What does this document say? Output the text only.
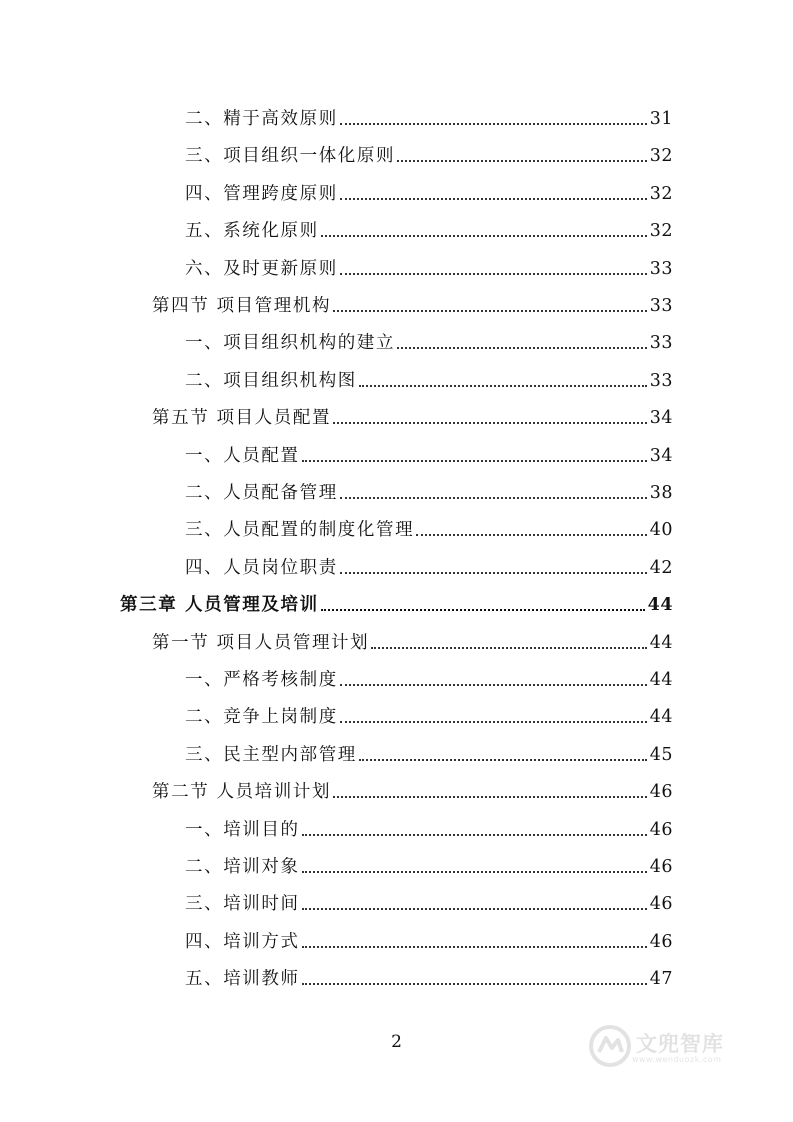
二、精于高效原则	31
三、项目组织一体化原则	32
四、管理跨度原则	32
五、系统化原则	32
六、及时更新原则	33
第四节 项目管理机构	33
一、项目组织机构的建立	33
二、项目组织机构图	33
第五节 项目人员配置	34
一、人员配置	34
二、人员配备管理	38
三、人员配置的制度化管理	40
四、人员岗位职责	42
第三章 人员管理及培训	44
第一节 项目人员管理计划	44
一、严格考核制度	44
二、竞争上岗制度	44
三、民主型内部管理	45
第二节 人员培训计划	46
一、培训目的	46
二、培训对象	46
三、培训时间	46
四、培训方式	46
五、培训教师	47
2	文兜智库
www.wenduozk.com
